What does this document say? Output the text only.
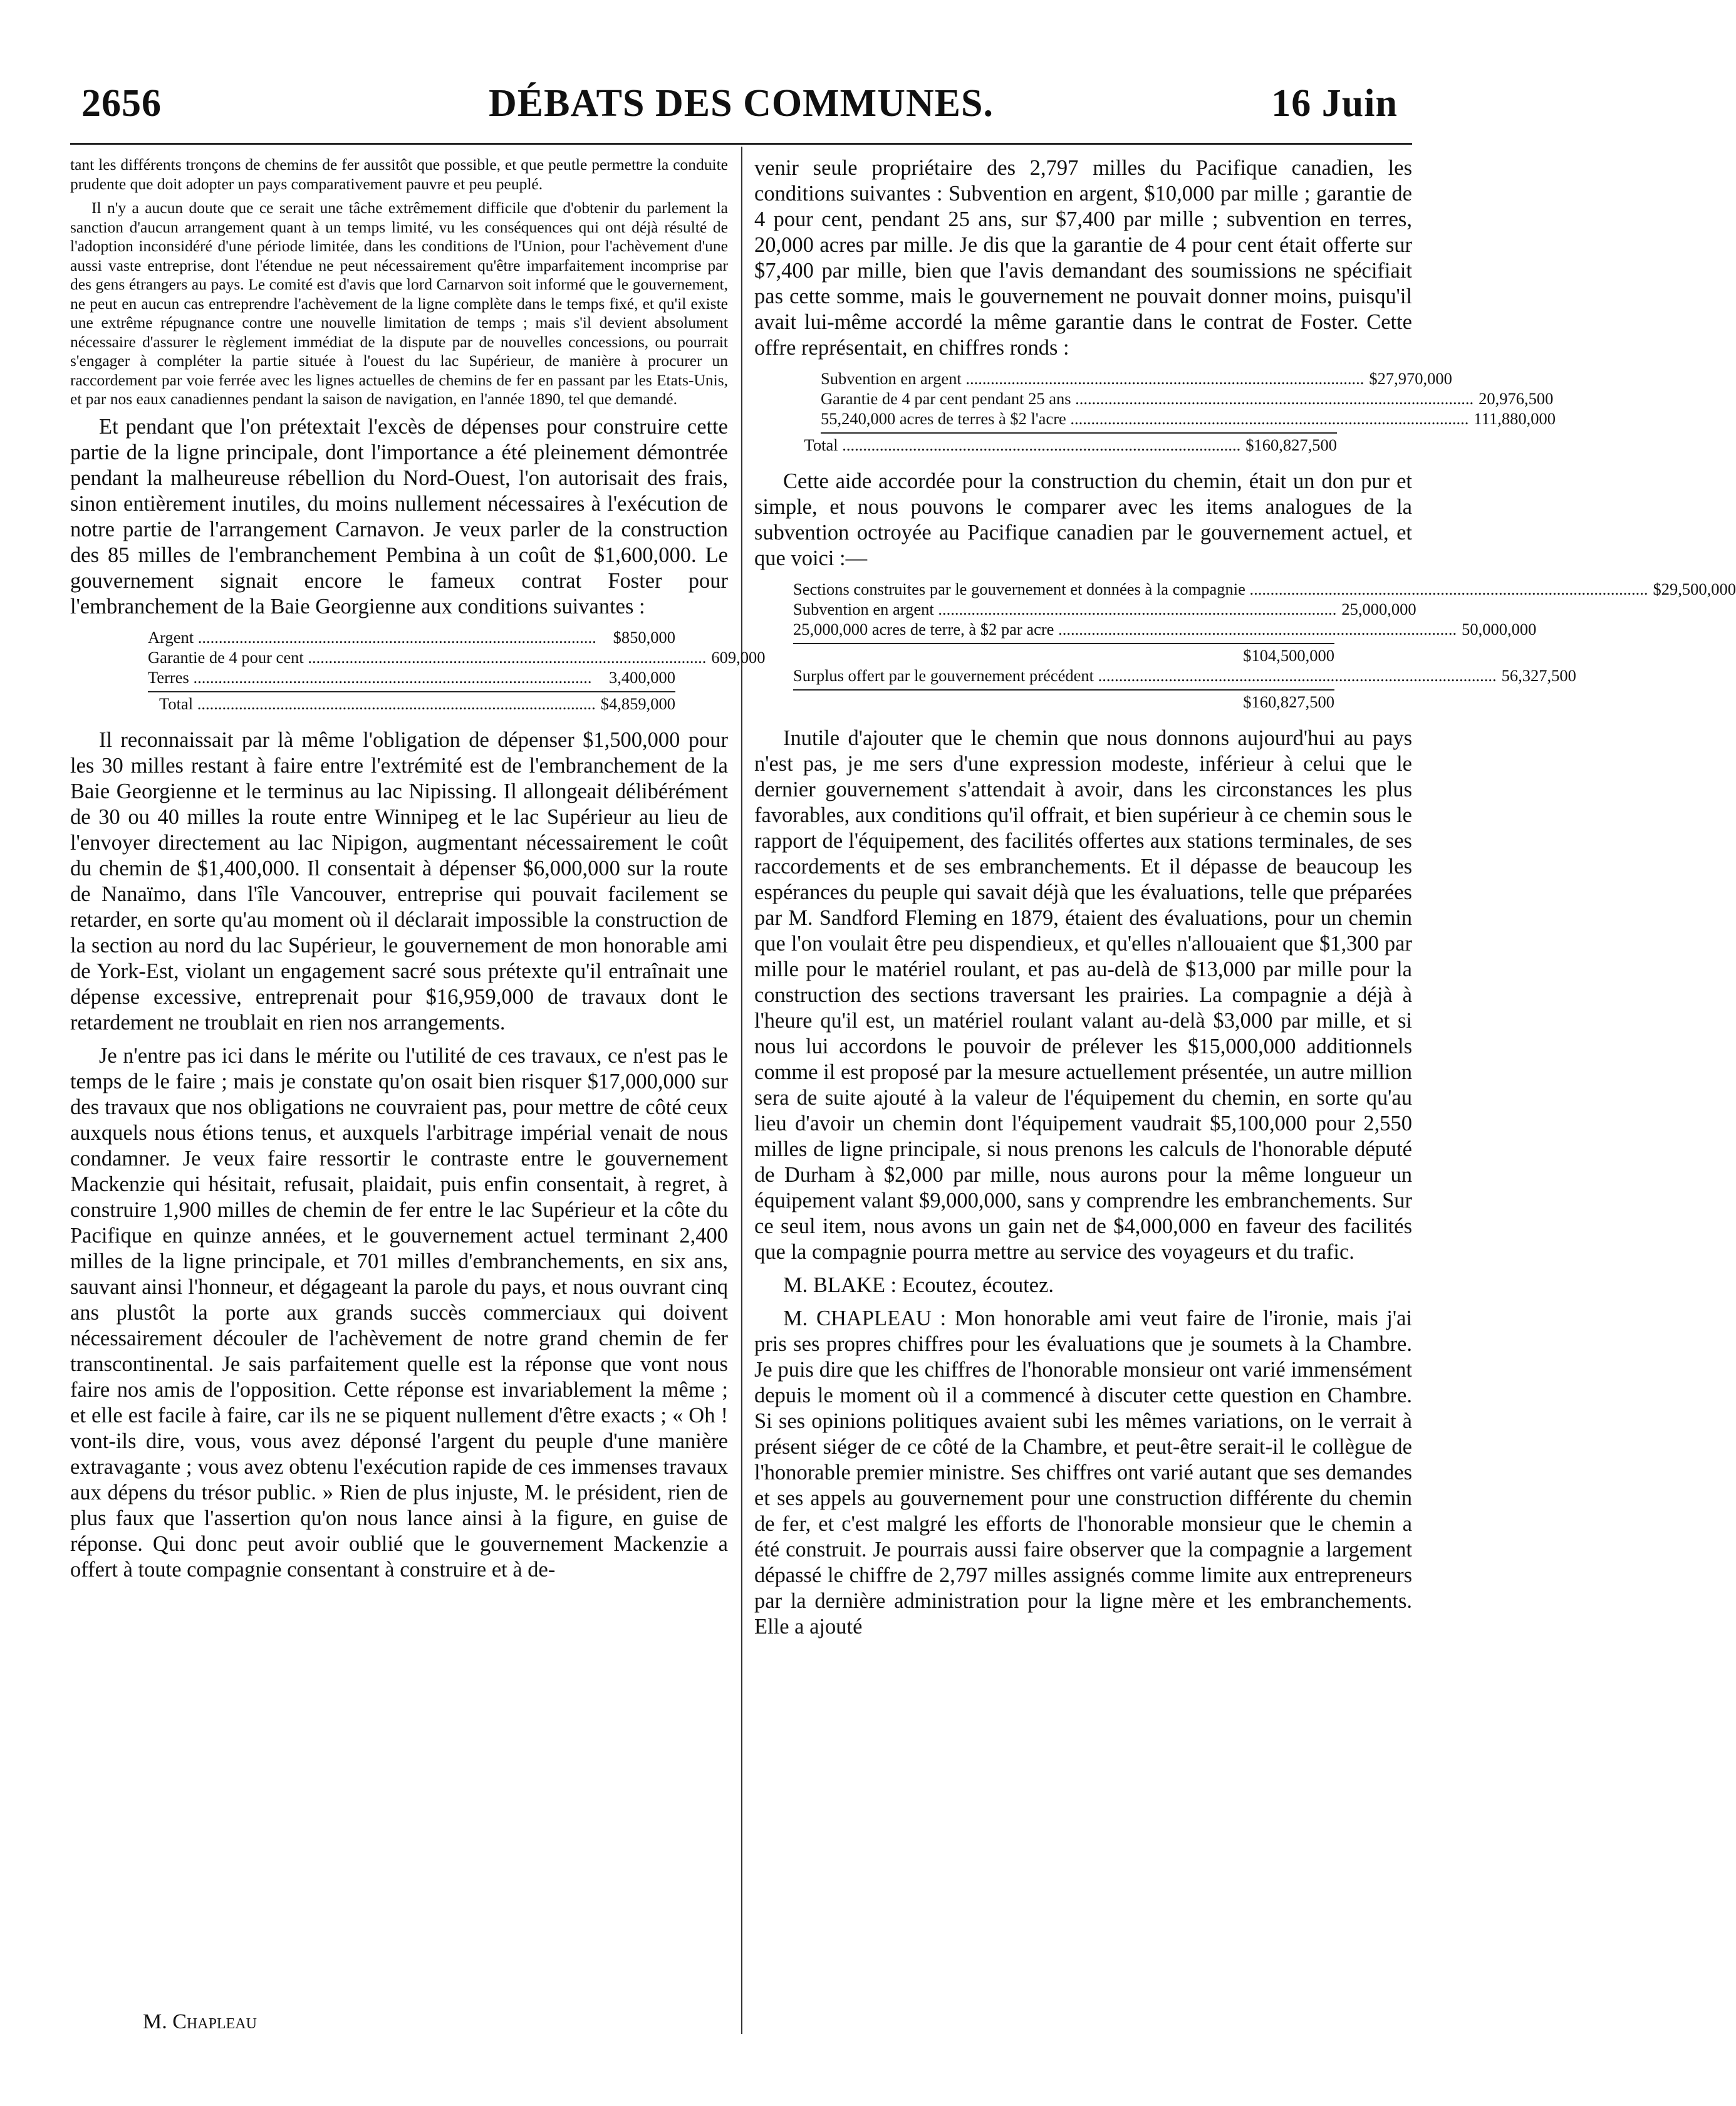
2656	DÉBATS DES COMMUNES.	16 Juin

tant les différents tronçons de chemins de fer aussitôt que possible, et que peutle permettre la conduite prudente que doit adopter un pays comparativement pauvre et peu peuplé.

Il n'y a aucun doute que ce serait une tâche extrêmement difficile que d'obtenir du parlement la sanction d'aucun arrangement quant à un temps limité, vu les conséquences qui ont déjà résulté de l'adoption inconsidéré d'une période limitée, dans les conditions de l'Union, pour l'achèvement d'une aussi vaste entreprise, dont l'étendue ne peut nécessairement qu'être imparfaitement incomprise par des gens étrangers au pays. Le comité est d'avis que lord Carnarvon soit informé que le gouvernement, ne peut en aucun cas entreprendre l'achèvement de la ligne complète dans le temps fixé, et qu'il existe une extrême répugnance contre une nouvelle limitation de temps ; mais s'il devient absolument nécessaire d'assurer le règlement immédiat de la dispute par de nouvelles concessions, ou pourrait s'engager à compléter la partie située à l'ouest du lac Supérieur, de manière à procurer un raccordement par voie ferrée avec les lignes actuelles de chemins de fer en passant par les Etats-Unis, et par nos eaux canadiennes pendant la saison de navigation, en l'année 1890, tel que demandé.

Et pendant que l'on prétextait l'excès de dépenses pour construire cette partie de la ligne principale, dont l'importance a été pleinement démontrée pendant la malheureuse rébellion du Nord-Ouest, l'on autorisait des frais, sinon entièrement inutiles, du moins nullement nécessaires à l'exécution de notre partie de l'arrangement Carnavon. Je veux parler de la construction des 85 milles de l'embranchement Pembina à un coût de $1,600,000. Le gouvernement signait encore le fameux contrat Foster pour l'embranchement de la Baie Georgienne aux conditions suivantes :

Argent .....	$850,000
Garantie de 4 pour cent .....	609,000
Terres .....	3,400,000
Total .....	$4,859,000

Il reconnaissait par là même l'obligation de dépenser $1,500,000 pour les 30 milles restant à faire entre l'extrémité est de l'embranchement de la Baie Georgienne et le terminus au lac Nipissing. Il allongeait délibérément de 30 ou 40 milles la route entre Winnipeg et le lac Supérieur au lieu de l'envoyer directement au lac Nipigon, augmentant nécessairement le coût du chemin de $1,400,000. Il consentait à dépenser $6,000,000 sur la route de Nanaïmo, dans l'île Vancouver, entreprise qui pouvait facilement se retarder, en sorte qu'au moment où il déclarait impossible la construction de la section au nord du lac Supérieur, le gouvernement de mon honorable ami de York-Est, violant un engagement sacré sous prétexte qu'il entraînait une dépense excessive, entreprenait pour $16,959,000 de travaux dont le retardement ne troublait en rien nos arrangements.

Je n'entre pas ici dans le mérite ou l'utilité de ces travaux, ce n'est pas le temps de le faire ; mais je constate qu'on osait bien risquer $17,000,000 sur des travaux que nos obligations ne couvraient pas, pour mettre de côté ceux auxquels nous étions tenus, et auxquels l'arbitrage impérial venait de nous condamner. Je veux faire ressortir le contraste entre le gouvernement Mackenzie qui hésitait, refusait, plaidait, puis enfin consentait, à regret, à construire 1,900 milles de chemin de fer entre le lac Supérieur et la côte du Pacifique en quinze années, et le gouvernement actuel terminant 2,400 milles de la ligne principale, et 701 milles d'embranchements, en six ans, sauvant ainsi l'honneur, et dégageant la parole du pays, et nous ouvrant cinq ans plustôt la porte aux grands succès commerciaux qui doivent nécessairement découler de l'achèvement de notre grand chemin de fer transcontinental. Je sais parfaitement quelle est la réponse que vont nous faire nos amis de l'opposition. Cette réponse est invariablement la même ; et elle est facile à faire, car ils ne se piquent nullement d'être exacts ; « Oh ! vont-ils dire, vous, vous avez déponsé l'argent du peuple d'une manière extravagante ; vous avez obtenu l'exécution rapide de ces immenses travaux aux dépens du trésor public. » Rien de plus injuste, M. le président, rien de plus faux que l'assertion qu'on nous lance ainsi à la figure, en guise de réponse. Qui donc peut avoir oublié que le gouvernement Mackenzie a offert à toute compagnie consentant à construire et à de-

venir seule propriétaire des 2,797 milles du Pacifique canadien, les conditions suivantes : Subvention en argent, $10,000 par mille ; garantie de 4 pour cent, pendant 25 ans, sur $7,400 par mille ; subvention en terres, 20,000 acres par mille. Je dis que la garantie de 4 pour cent était offerte sur $7,400 par mille, bien que l'avis demandant des soumissions ne spécifiait pas cette somme, mais le gouvernement ne pouvait donner moins, puisqu'il avait lui-même accordé la même garantie dans le contrat de Foster. Cette offre représentait, en chiffres ronds :

Subvention en argent .....	$27,970,000
Garantie de 4 par cent pendant 25 ans .....	20,976,500
55,240,000 acres de terres à $2 l'acre .....	111,880,000
Total .....	$160,827,500

Cette aide accordée pour la construction du chemin, était un don pur et simple, et nous pouvons le comparer avec les items analogues de la subvention octroyée au Pacifique canadien par le gouvernement actuel, et que voici :—

Sections construites par le gouvernement et données à la compagnie .....	$29,500,000
Subvention en argent .....	25,000,000
25,000,000 acres de terre, à $2 par acre .....	50,000,000
$104,500,000
Surplus offert par le gouvernement précédent .....	56,327,500
$160,827,500

Inutile d'ajouter que le chemin que nous donnons aujourd'hui au pays n'est pas, je me sers d'une expression modeste, inférieur à celui que le dernier gouvernement s'attendait à avoir, dans les circonstances les plus favorables, aux conditions qu'il offrait, et bien supérieur à ce chemin sous le rapport de l'équipement, des facilités offertes aux stations terminales, de ses raccordements et de ses embranchements. Et il dépasse de beaucoup les espérances du peuple qui savait déjà que les évaluations, telle que préparées par M. Sandford Fleming en 1879, étaient des évaluations, pour un chemin que l'on voulait être peu dispendieux, et qu'elles n'allouaient que $1,300 par mille pour le matériel roulant, et pas au-delà de $13,000 par mille pour la construction des sections traversant les prairies. La compagnie a déjà à l'heure qu'il est, un matériel roulant valant au-delà $3,000 par mille, et si nous lui accordons le pouvoir de prélever les $15,000,000 additionnels comme il est proposé par la mesure actuellement présentée, un autre million sera de suite ajouté à la valeur de l'équipement du chemin, en sorte qu'au lieu d'avoir un chemin dont l'équipement vaudrait $5,100,000 pour 2,550 milles de ligne principale, si nous prenons les calculs de l'honorable député de Durham à $2,000 par mille, nous aurons pour la même longueur un équipement valant $9,000,000, sans y comprendre les embranchements. Sur ce seul item, nous avons un gain net de $4,000,000 en faveur des facilités que la compagnie pourra mettre au service des voyageurs et du trafic.

M. BLAKE : Ecoutez, écoutez.

M. CHAPLEAU : Mon honorable ami veut faire de l'ironie, mais j'ai pris ses propres chiffres pour les évaluations que je soumets à la Chambre. Je puis dire que les chiffres de l'honorable monsieur ont varié immensément depuis le moment où il a commencé à discuter cette question en Chambre. Si ses opinions politiques avaient subi les mêmes variations, on le verrait à présent siéger de ce côté de la Chambre, et peut-être serait-il le collègue de l'honorable premier ministre. Ses chiffres ont varié autant que ses demandes et ses appels au gouvernement pour une construction différente du chemin de fer, et c'est malgré les efforts de l'honorable monsieur que le chemin a été construit. Je pourrais aussi faire observer que la compagnie a largement dépassé le chiffre de 2,797 milles assignés comme limite aux entrepreneurs par la dernière administration pour la ligne mère et les embranchements. Elle a ajouté

M. Chapleau
